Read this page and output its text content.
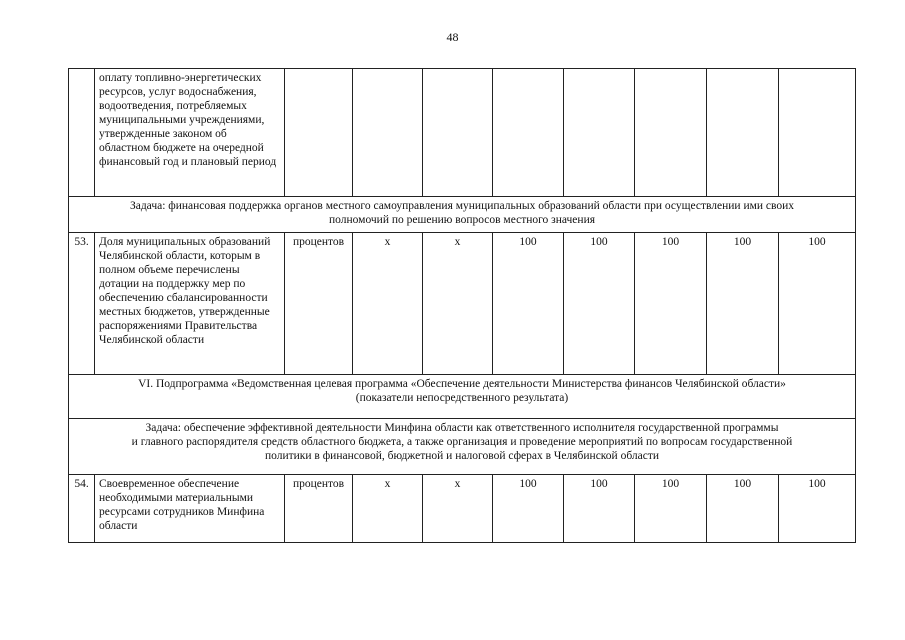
48
	оплату топливно-энергетических ресурсов, услуг водоснабжения, водоотведения, потребляемых муниципальными учреждениями, утвержденные законом об областном бюджете на очередной финансовый год и плановый период								

Задача: финансовая поддержка органов местного самоуправления муниципальных образований области при осуществлении ими своих
полномочий по решению вопросов местного значения									

53.	Доля муниципальных образований Челябинской области, которым в полном объеме перечислены дотации на поддержку мер по обеспечению сбалансированности местных бюджетов, утвержденные распоряжениями Правительства Челябинской области	процентов	х	х	100	100	100	100	100

VI. Подпрограмма «Ведомственная целевая программа «Обеспечение деятельности Министерства финансов Челябинской области»
(показатели непосредственного результата)									

Задача: обеспечение эффективной деятельности Минфина области как ответственного исполнителя государственной программы
и главного распорядителя средств областного бюджета, а также организация и проведение мероприятий по вопросам государственной
политики в финансовой, бюджетной и налоговой сферах в Челябинской области									

54.	Своевременное обеспечение необходимыми материальными ресурсами сотрудников Минфина области	процентов	х	х	100	100	100	100	100
